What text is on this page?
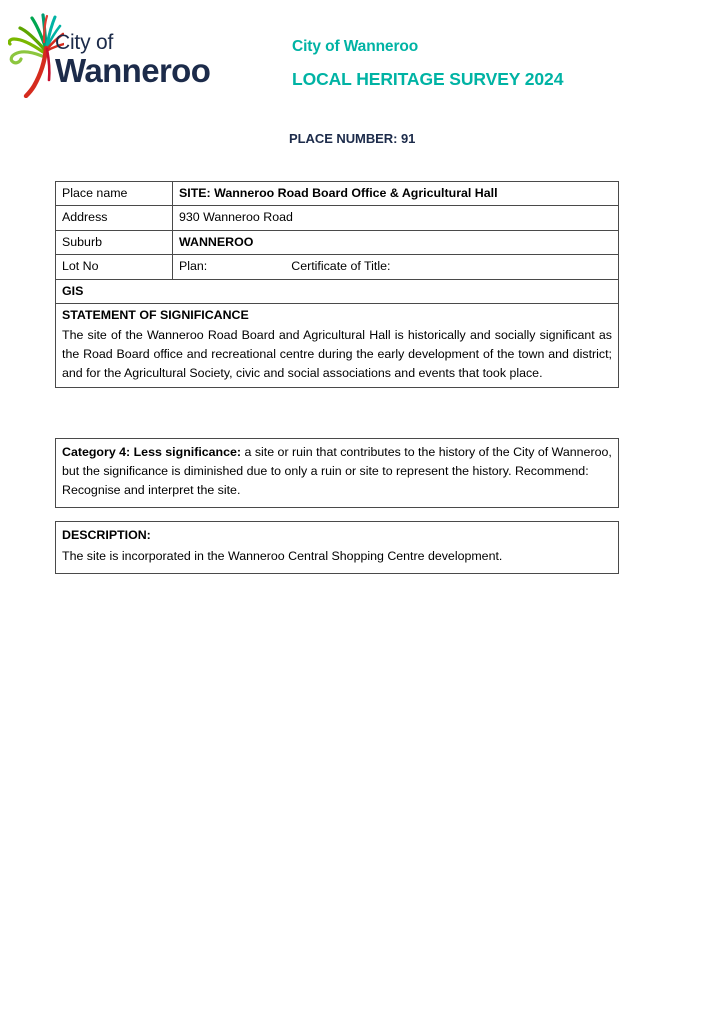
City of
Wanneroo
City of Wanneroo
LOCAL HERITAGE SURVEY 2024
PLACE NUMBER: 91
Place name	SITE: Wanneroo Road Board Office & Agricultural Hall
Address	930 Wanneroo Road
Suburb	WANNEROO
Lot No	Plan: Certificate of Title:
GIS	

STATEMENT OF SIGNIFICANCE
The site of the Wanneroo Road Board and Agricultural Hall is historically and socially significant as the Road Board office and recreational centre during the early development of the town and district; and for the Agricultural Society, civic and social associations and events that took place.	
Category 4: Less significance: a site or ruin that contributes to the history of the City of Wanneroo, but the significance is diminished due to only a ruin or site to represent the history. Recommend: Recognise and interpret the site.
DESCRIPTION:
The site is incorporated in the Wanneroo Central Shopping Centre development.
